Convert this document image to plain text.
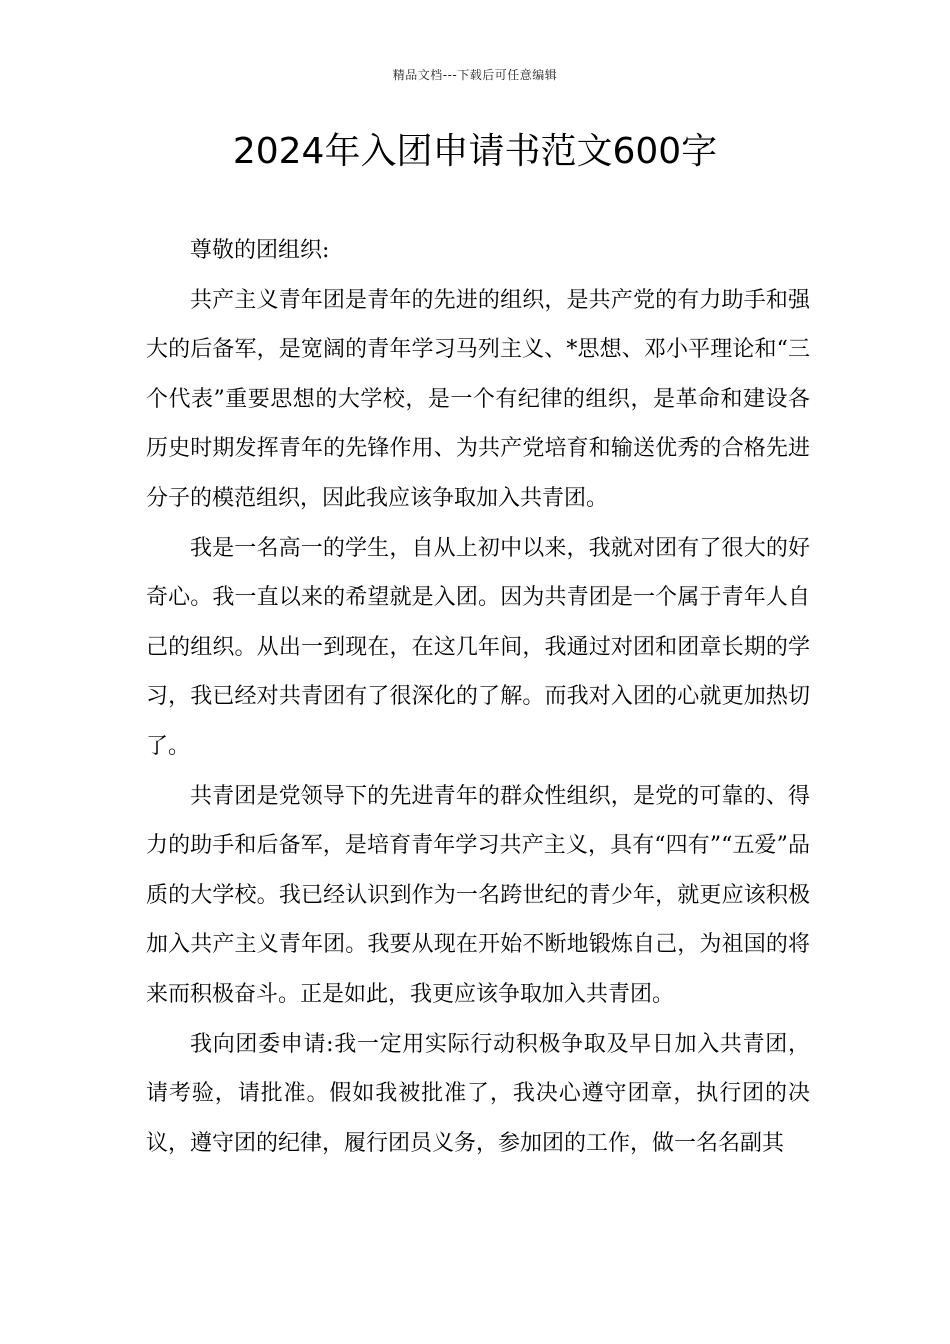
精品文档---下载后可任意编辑
2024年入团申请书范文600字

尊敬的团组织:

共产主义青年团是青年的先进的组织，是共产党的有力助手和强大的后备军，是宽阔的青年学习马列主义、*思想、邓小平理论和“三个代表”重要思想的大学校，是一个有纪律的组织，是革命和建设各历史时期发挥青年的先锋作用、为共产党培育和输送优秀的合格先进分子的模范组织，因此我应该争取加入共青团。

我是一名高一的学生，自从上初中以来，我就对团有了很大的好奇心。我一直以来的希望就是入团。因为共青团是一个属于青年人自己的组织。从出一到现在，在这几年间，我通过对团和团章长期的学习，我已经对共青团有了很深化的了解。而我对入团的心就更加热切了。

共青团是党领导下的先进青年的群众性组织，是党的可靠的、得力的助手和后备军，是培育青年学习共产主义，具有“四有”“五爱”品质的大学校。我已经认识到作为一名跨世纪的青少年，就更应该积极加入共产主义青年团。我要从现在开始不断地锻炼自己，为祖国的将来而积极奋斗。正是如此，我更应该争取加入共青团。

我向团委申请:我一定用实际行动积极争取及早日加入共青团，请考验，请批准。假如我被批准了，我决心遵守团章，执行团的决议，遵守团的纪律，履行团员义务，参加团的工作，做一名名副其
